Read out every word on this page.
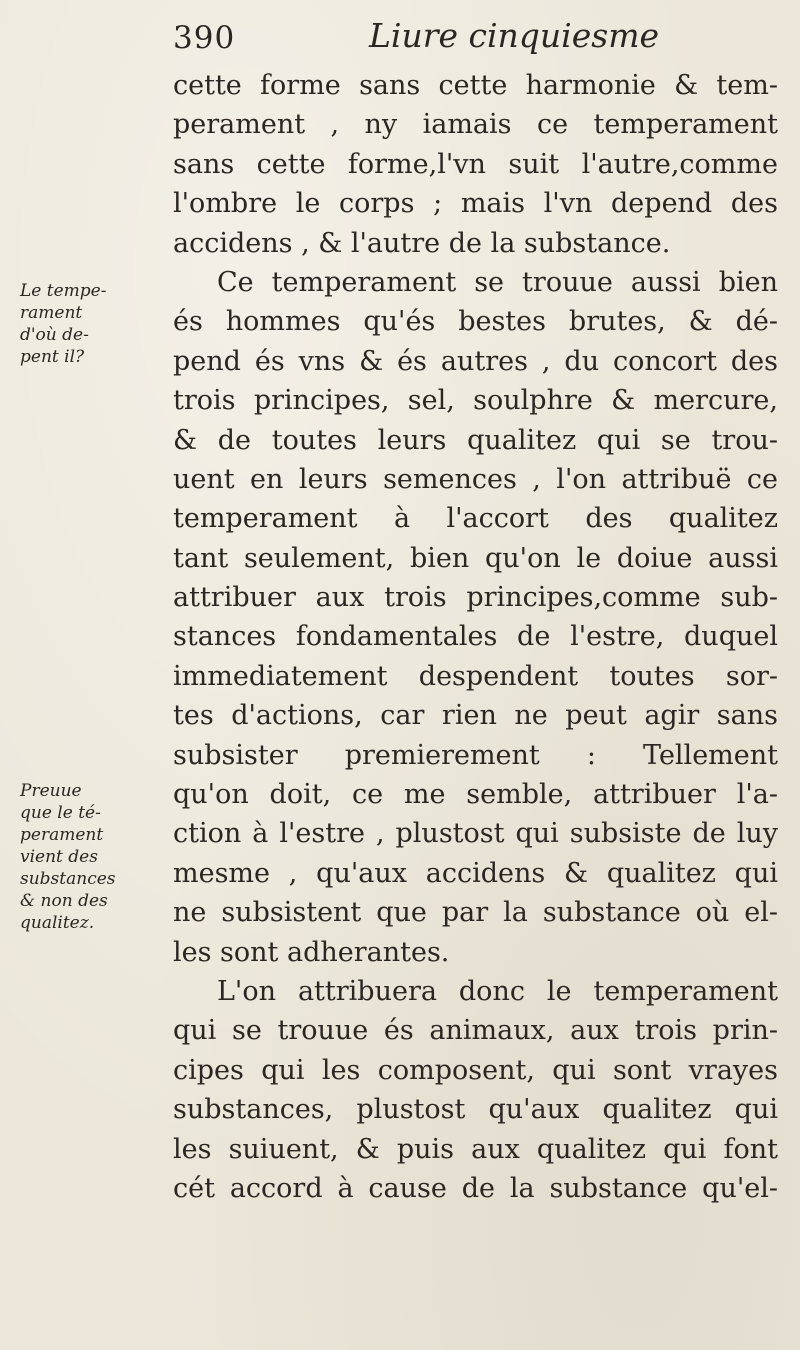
390	Liure cinquiesme
Le tempe-
rament
d'où de-
pent il?
Preuue
que le té-
perament
vient des
substances
& non des
qualitez.
cette forme sans cette harmonie & tem-
perament , ny iamais ce temperament
sans cette forme,l'vn suit l'autre,comme
l'ombre le corps ; mais l'vn depend des
accidens , & l'autre de la substance.
Ce temperament se trouue aussi bien
és hommes qu'és bestes brutes, & dé-
pend és vns & és autres , du concort des
trois principes, sel, soulphre & mercure,
& de toutes leurs qualitez qui se trou-
uent en leurs semences , l'on attribuë ce
temperament à l'accort des qualitez
tant seulement, bien qu'on le doiue aussi
attribuer aux trois principes,comme sub-
stances fondamentales de l'estre, duquel
immediatement despendent toutes sor-
tes d'actions, car rien ne peut agir sans
subsister premierement : Tellement
qu'on doit, ce me semble, attribuer l'a-
ction à l'estre , plustost qui subsiste de luy
mesme , qu'aux accidens & qualitez qui
ne subsistent que par la substance où el-
les sont adherantes.
L'on attribuera donc le temperament
qui se trouue és animaux, aux trois prin-
cipes qui les composent, qui sont vrayes
substances, plustost qu'aux qualitez qui
les suiuent, & puis aux qualitez qui font
cét accord à cause de la substance qu'el-
